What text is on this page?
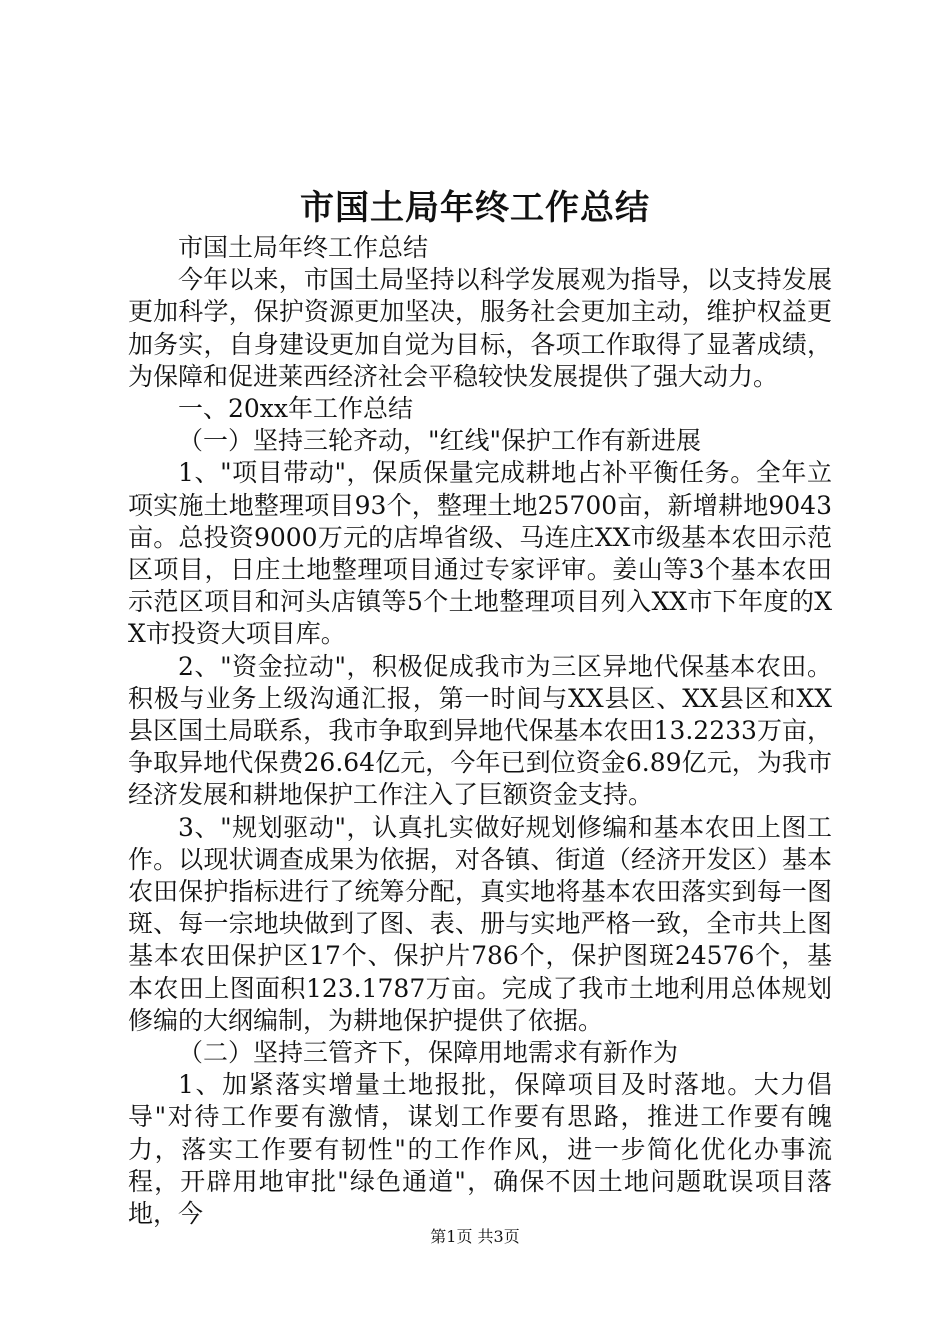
市国土局年终工作总结

市国土局年终工作总结

今年以来，市国土局坚持以科学发展观为指导，以支持发展更加科学，保护资源更加坚决，服务社会更加主动，维护权益更加务实，自身建设更加自觉为目标，各项工作取得了显著成绩，为保障和促进莱西经济社会平稳较快发展提供了强大动力。

一、20xx年工作总结

（一）坚持三轮齐动，"红线"保护工作有新进展

1、"项目带动"，保质保量完成耕地占补平衡任务。全年立项实施土地整理项目93个，整理土地25700亩，新增耕地9043亩。总投资9000万元的店埠省级、马连庄XX市级基本农田示范区项目，日庄土地整理项目通过专家评审。姜山等3个基本农田示范区项目和河头店镇等5个土地整理项目列入XX市下年度的XX市投资大项目库。

2、"资金拉动"，积极促成我市为三区异地代保基本农田。积极与业务上级沟通汇报，第一时间与XX县区、XX县区和XX县区国土局联系，我市争取到异地代保基本农田13.2233万亩，争取异地代保费26.64亿元，今年已到位资金6.89亿元，为我市经济发展和耕地保护工作注入了巨额资金支持。

3、"规划驱动"，认真扎实做好规划修编和基本农田上图工作。以现状调查成果为依据，对各镇、街道（经济开发区）基本农田保护指标进行了统筹分配，真实地将基本农田落实到每一图斑、每一宗地块做到了图、表、册与实地严格一致，全市共上图基本农田保护区17个、保护片786个，保护图斑24576个，基本农田上图面积123.1787万亩。完成了我市土地利用总体规划修编的大纲编制，为耕地保护提供了依据。

（二）坚持三管齐下，保障用地需求有新作为

1、加紧落实增量土地报批，保障项目及时落地。大力倡导"对待工作要有激情，谋划工作要有思路，推进工作要有魄力，落实工作要有韧性"的工作作风，进一步简化优化办事流程，开辟用地审批"绿色通道"，确保不因土地问题耽误项目落地，今

第1页 共3页
